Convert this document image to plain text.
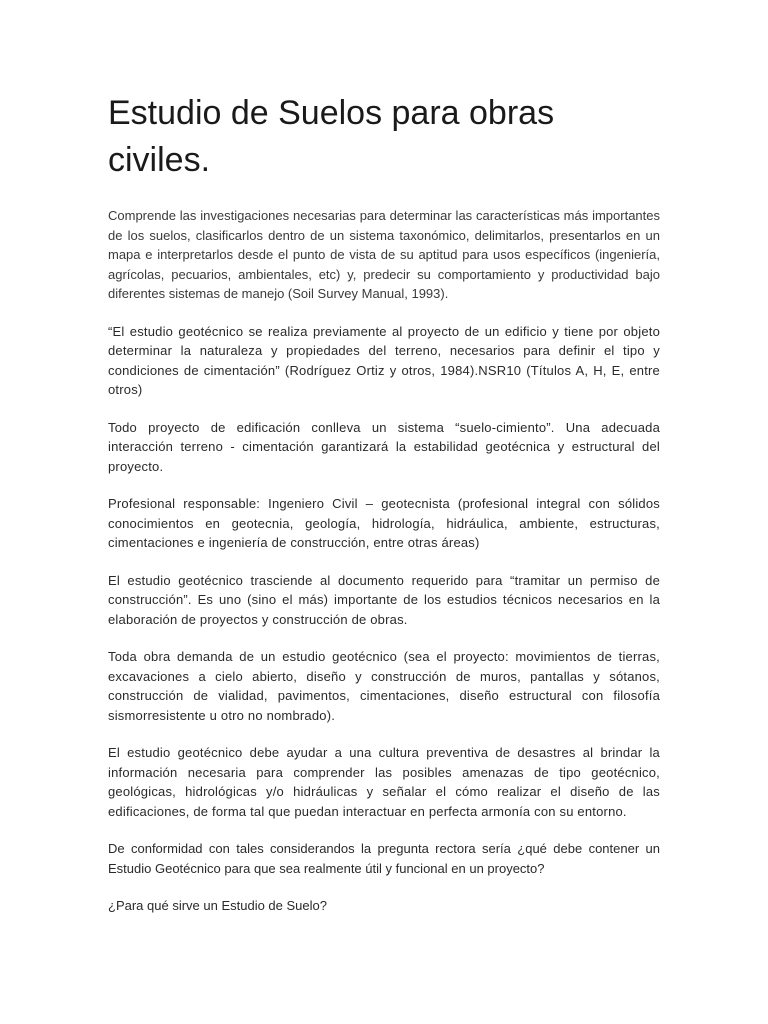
Estudio de Suelos para obras civiles.

Comprende las investigaciones necesarias para determinar las características más importantes de los suelos, clasificarlos dentro de un sistema taxonómico, delimitarlos, presentarlos en un mapa e interpretarlos desde el punto de vista de su aptitud para usos específicos (ingeniería, agrícolas, pecuarios, ambientales, etc) y, predecir su comportamiento y productividad bajo diferentes sistemas de manejo (Soil Survey Manual, 1993).

“El estudio geotécnico se realiza previamente al proyecto de un edificio y tiene por objeto determinar la naturaleza y propiedades del terreno, necesarios para definir el tipo y condiciones de cimentación” (Rodríguez Ortiz y otros, 1984).NSR10 (Títulos A, H, E, entre otros)

Todo proyecto de edificación conlleva un sistema “suelo-cimiento”. Una adecuada interacción terreno - cimentación garantizará la estabilidad geotécnica y estructural del proyecto.

Profesional responsable: Ingeniero Civil – geotecnista (profesional integral con sólidos conocimientos en geotecnia, geología, hidrología, hidráulica, ambiente, estructuras, cimentaciones e ingeniería de construcción, entre otras áreas)

El estudio geotécnico trasciende al documento requerido para “tramitar un permiso de construcción”. Es uno (sino el más) importante de los estudios técnicos necesarios en la elaboración de proyectos y construcción de obras.

Toda obra demanda de un estudio geotécnico (sea el proyecto: movimientos de tierras, excavaciones a cielo abierto, diseño y construcción de muros, pantallas y sótanos, construcción de vialidad, pavimentos, cimentaciones, diseño estructural con filosofía sismorresistente u otro no nombrado).

El estudio geotécnico debe ayudar a una cultura preventiva de desastres al brindar la información necesaria para comprender las posibles amenazas de tipo geotécnico, geológicas, hidrológicas y/o hidráulicas y señalar el cómo realizar el diseño de las edificaciones, de forma tal que puedan interactuar en perfecta armonía con su entorno.

De conformidad con tales considerandos la pregunta rectora sería ¿qué debe contener un Estudio Geotécnico para que sea realmente útil y funcional en un proyecto?

¿Para qué sirve un Estudio de Suelo?
